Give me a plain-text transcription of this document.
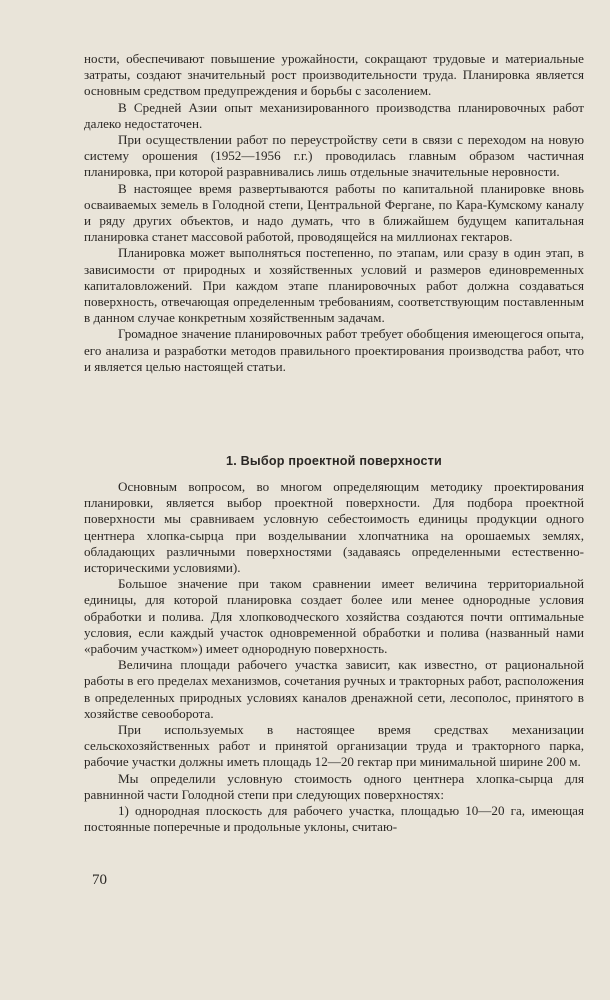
ности, обеспечивают повышение урожайности, сокращают трудовые и материальные затраты, создают значительный рост производительности труда. Планировка является основным средством предупреждения и борьбы с засолением.

В Средней Азии опыт механизированного производства планировочных работ далеко недостаточен.

При осуществлении работ по переустройству сети в связи с переходом на новую систему орошения (1952—1956 г.г.) проводилась главным образом частичная планировка, при которой разравнивались лишь отдельные значительные неровности.

В настоящее время развертываются работы по капитальной планировке вновь осваиваемых земель в Голодной степи, Центральной Фергане, по Кара-Кумскому каналу и ряду других объектов, и надо думать, что в ближайшем будущем капитальная планировка станет массовой работой, проводящейся на миллионах гектаров.

Планировка может выполняться постепенно, по этапам, или сразу в один этап, в зависимости от природных и хозяйственных условий и размеров единовременных капиталовложений. При каждом этапе планировочных работ должна создаваться поверхность, отвечающая определенным требованиям, соответствующим поставленным в данном случае конкретным хозяйственным задачам.

Громадное значение планировочных работ требует обобщения имеющегося опыта, его анализа и разработки методов правильного проектирования производства работ, что и является целью настоящей статьи.

1. Выбор проектной поверхности

Основным вопросом, во многом определяющим методику проектирования планировки, является выбор проектной поверхности. Для подбора проектной поверхности мы сравниваем условную себестоимость единицы продукции одного центнера хлопка-сырца при возделывании хлопчатника на орошаемых землях, обладающих различными поверхностями (задаваясь определенными естественно-историческими условиями).

Большое значение при таком сравнении имеет величина территориальной единицы, для которой планировка создает более или менее однородные условия обработки и полива. Для хлопководческого хозяйства создаются почти оптимальные условия, если каждый участок одновременной обработки и полива (названный нами «рабочим участком») имеет однородную поверхность.

Величина площади рабочего участка зависит, как известно, от рациональной работы в его пределах механизмов, сочетания ручных и тракторных работ, расположения в определенных природных условиях каналов дренажной сети, лесополос, принятого в хозяйстве севооборота.

При используемых в настоящее время средствах механизации сельскохозяйственных работ и принятой организации труда и тракторного парка, рабочие участки должны иметь площадь 12—20 гектар при минимальной ширине 200 м.

Мы определили условную стоимость одного центнера хлопка-сырца для равнинной части Голодной степи при следующих поверхностях:

1) однородная плоскость для рабочего участка, площадью 10—20 га, имеющая постоянные поперечные и продольные уклоны, считаю-

70
